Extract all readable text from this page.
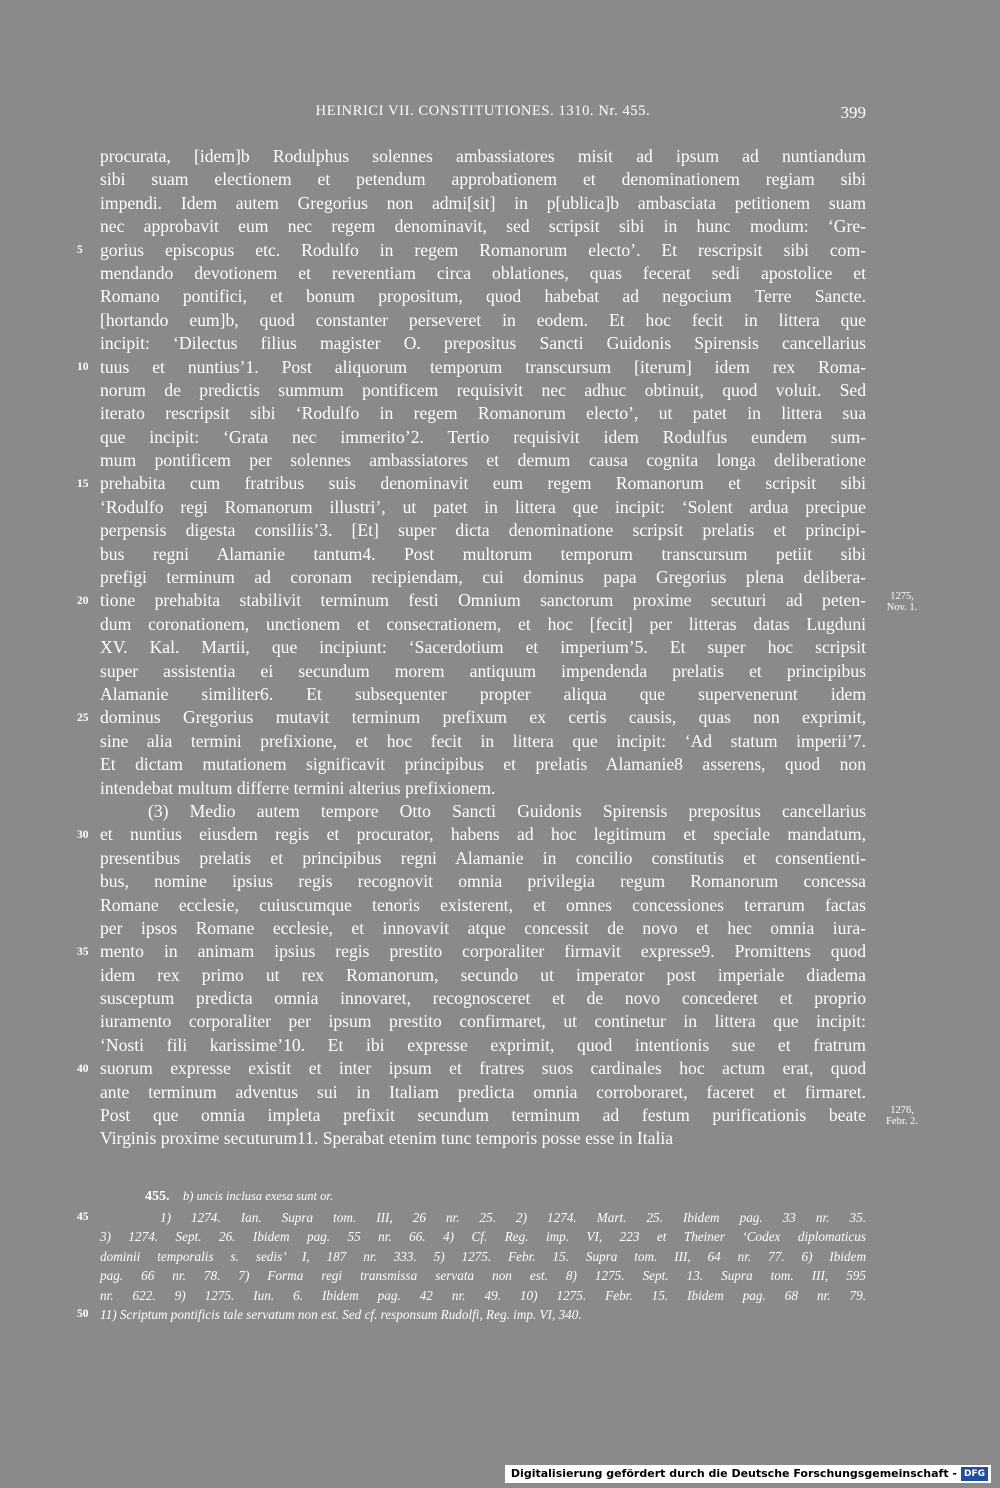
HEINRICI VII. CONSTITUTIONES. 1310. Nr. 455.	399
procurata, [idem]b Rodulphus solennes ambassiatores misit ad ipsum ad nuntiandum
sibi suam electionem et petendum approbationem et denominationem regiam sibi
impendi. Idem autem Gregorius non admi[sit] in p[ublica]b ambasciata petitionem suam
nec approbavit eum nec regem denominavit, sed scripsit sibi in hunc modum: ‘Gre-
gorius episcopus etc. Rodulfo in regem Romanorum electo’. Et rescripsit sibi com-
mendando devotionem et reverentiam circa oblationes, quas fecerat sedi apostolice et
Romano pontifici, et bonum propositum, quod habebat ad negocium Terre Sancte.
[hortando eum]b, quod constanter perseveret in eodem. Et hoc fecit in littera que
incipit: ‘Dilectus filius magister O. prepositus Sancti Guidonis Spirensis cancellarius
tuus et nuntius’1. Post aliquorum temporum transcursum [iterum] idem rex Roma-
norum de predictis summum pontificem requisivit nec adhuc obtinuit, quod voluit. Sed
iterato rescripsit sibi ‘Rodulfo in regem Romanorum electo’, ut patet in littera sua
que incipit: ‘Grata nec immerito’2. Tertio requisivit idem Rodulfus eundem sum-
mum pontificem per solennes ambassiatores et demum causa cognita longa deliberatione
prehabita cum fratribus suis denominavit eum regem Romanorum et scripsit sibi
‘Rodulfo regi Romanorum illustri’, ut patet in littera que incipit: ‘Solent ardua precipue
perpensis digesta consiliis’3. [Et] super dicta denominatione scripsit prelatis et principi-
bus regni Alamanie tantum4. Post multorum temporum transcursum petiit sibi
prefigi terminum ad coronam recipiendam, cui dominus papa Gregorius plena delibera-
tione prehabita stabilivit terminum festi Omnium sanctorum proxime secuturi ad peten-
dum coronationem, unctionem et consecrationem, et hoc [fecit] per litteras datas Lugduni
XV. Kal. Martii, que incipiunt: ‘Sacerdotium et imperium’5. Et super hoc scripsit
super assistentia ei secundum morem antiquum impendenda prelatis et principibus
Alamanie similiter6. Et subsequenter propter aliqua que supervenerunt idem
dominus Gregorius mutavit terminum prefixum ex certis causis, quas non exprimit,
sine alia termini prefixione, et hoc fecit in littera que incipit: ‘Ad statum imperii’7.
Et dictam mutationem significavit principibus et prelatis Alamanie8 asserens, quod non
intendebat multum differre termini alterius prefixionem.
(3) Medio autem tempore Otto Sancti Guidonis Spirensis prepositus cancellarius
et nuntius eiusdem regis et procurator, habens ad hoc legitimum et speciale mandatum,
presentibus prelatis et principibus regni Alamanie in concilio constitutis et consentienti-
bus, nomine ipsius regis recognovit omnia privilegia regum Romanorum concessa
Romane ecclesie, cuiuscumque tenoris existerent, et omnes concessiones terrarum factas
per ipsos Romane ecclesie, et innovavit atque concessit de novo et hec omnia iura-
mento in animam ipsius regis prestito corporaliter firmavit expresse9. Promittens quod
idem rex primo ut rex Romanorum, secundo ut imperator post imperiale diadema
susceptum predicta omnia innovaret, recognosceret et de novo concederet et proprio
iuramento corporaliter per ipsum prestito confirmaret, ut continetur in littera que incipit:
‘Nosti fili karissime’10. Et ibi expresse exprimit, quod intentionis sue et fratrum
suorum expresse existit et inter ipsum et fratres suos cardinales hoc actum erat, quod
ante terminum adventus sui in Italiam predicta omnia corroboraret, faceret et firmaret.
Post que omnia impleta prefixit secundum terminum ad festum purificationis beate
Virginis proxime secuturum11. Sperabat etenim tunc temporis posse esse in Italia
5
10
15
20
25
30
35
40
1275,
Nov. 1.
1276,
Febr. 2.
455. b) uncis inclusa exesa sunt or.
1) 1274. Ian. Supra tom. III, 26 nr. 25. 2) 1274. Mart. 25. Ibidem pag. 33 nr. 35.
3) 1274. Sept. 26. Ibidem pag. 55 nr. 66. 4) Cf. Reg. imp. VI, 223 et Theiner ‘Codex diplomaticus
dominii temporalis s. sedis’ I, 187 nr. 333. 5) 1275. Febr. 15. Supra tom. III, 64 nr. 77. 6) Ibidem
pag. 66 nr. 78. 7) Forma regi transmissa servata non est. 8) 1275. Sept. 13. Supra tom. III, 595
nr. 622. 9) 1275. Iun. 6. Ibidem pag. 42 nr. 49. 10) 1275. Febr. 15. Ibidem pag. 68 nr. 79.
11) Scriptum pontificis tale servatum non est. Sed cf. responsum Rudolfi, Reg. imp. VI, 340.
45
50
Digitalisierung gefördert durch die Deutsche Forschungsgemeinschaft - DFG
